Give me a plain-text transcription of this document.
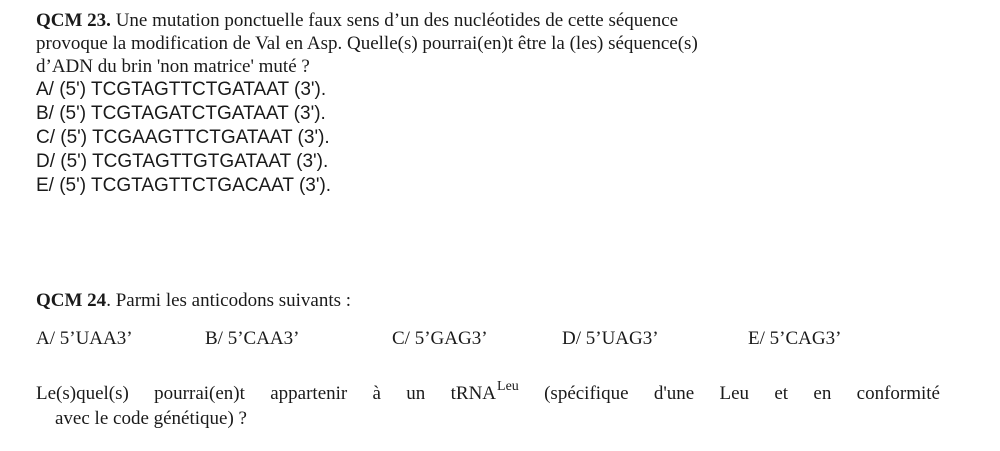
QCM 23. Une mutation ponctuelle faux sens d’un des nucléotides de cette séquence
provoque la modification de Val en Asp. Quelle(s) pourrai(en)t être la (les) séquence(s)
d’ADN du brin 'non matrice' muté ?
A/ (5') TCGTAGTTCTGATAAT (3').
B/ (5') TCGTAGATCTGATAAT (3').
C/ (5') TCGAAGTTCTGATAAT (3').
D/ (5') TCGTAGTTGTGATAAT (3').
E/ (5') TCGTAGTTCTGACAAT (3').
QCM 24. Parmi les anticodons suivants :
A/ 5’UAA3’	B/ 5’CAA3’	C/ 5’GAG3’	D/ 5’UAG3’	E/ 5’CAG3’
Le(s)quel(s) pourrai(en)t appartenir à un tRNA$^{Leu}$ (spécifique d'une Leu et en conformité
avec le code génétique) ?
